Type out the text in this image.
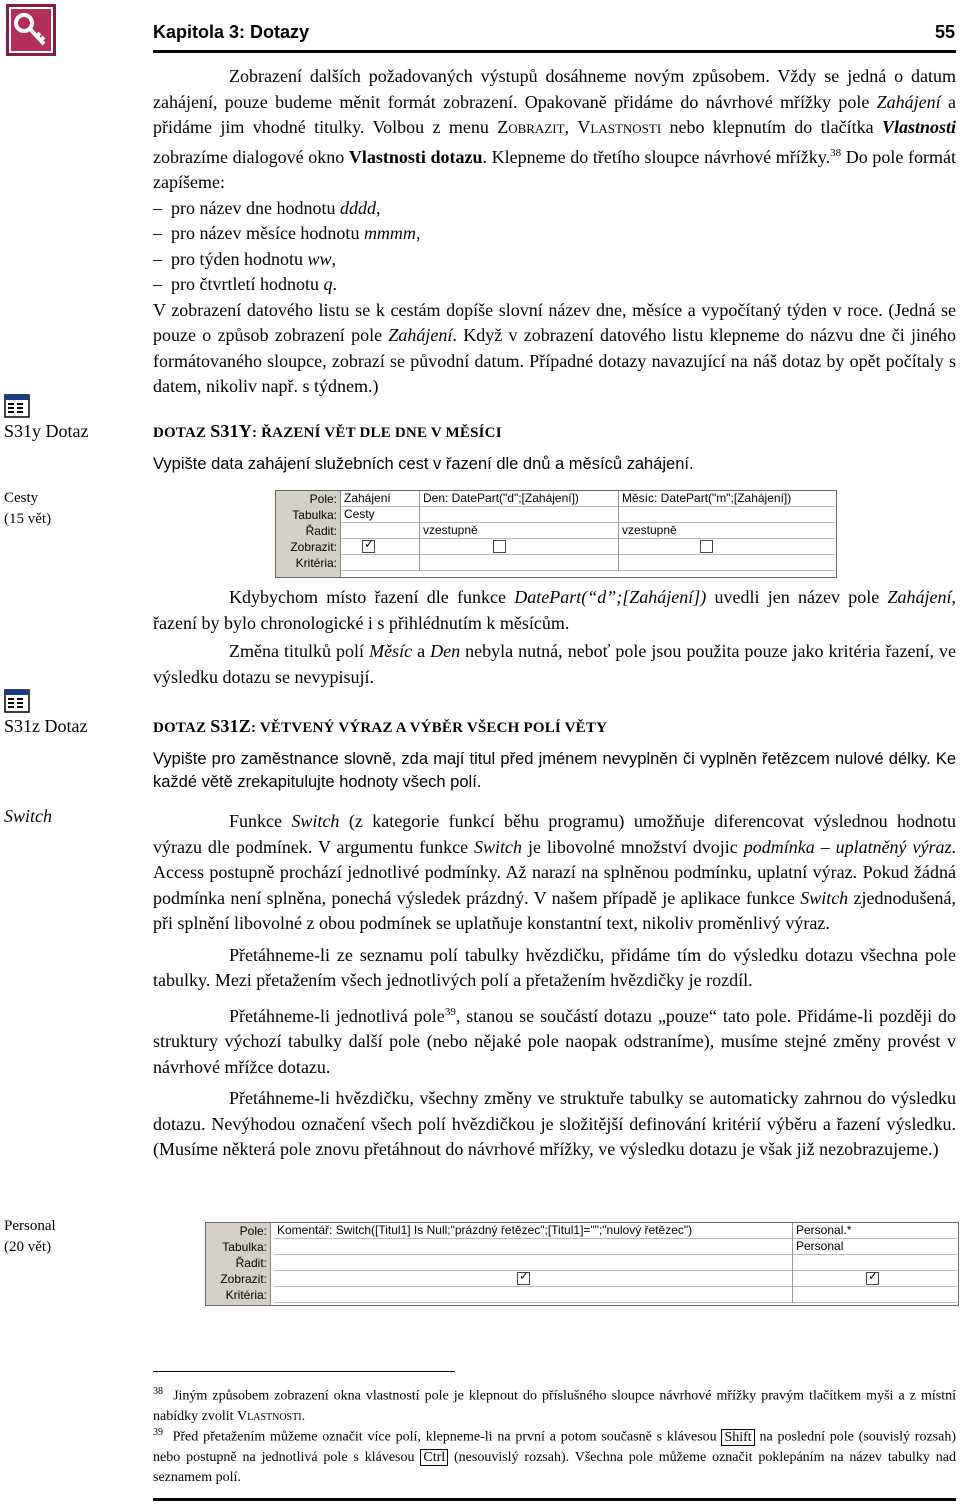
Kapitola 3: Dotazy	55

Zobrazení dalších požadovaných výstupů dosáhneme novým způsobem. Vždy se jedná o datum zahájení, pouze budeme měnit formát zobrazení. Opakovaně přidáme do návrhové mřížky pole Zahájení a přidáme jim vhodné titulky. Volbou z menu Zobrazit, Vlastnosti nebo klepnutím do tlačítka Vlastnosti zobrazíme dialogové okno Vlastnosti dotazu. Klepneme do třetího sloupce návrhové mřížky.$^{38}$ Do pole formát zapíšeme:

– pro název dne hodnotu dddd,
– pro název měsíce hodnotu mmmm,
– pro týden hodnotu ww,
– pro čtvrtletí hodnotu q.

V zobrazení datového listu se k cestám dopíše slovní název dne, měsíce a vypočítaný týden v roce. (Jedná se pouze o způsob zobrazení pole Zahájení. Když v zobrazení datového listu klepneme do názvu dne či jiného formátovaného sloupce, zobrazí se původní datum. Případné dotazy navazující na náš dotaz by opět počítaly s datem, nikoliv např. s týdnem.)

S31y Dotaz
Cesty
(15 vět)
DOTAZ S31Y: ŘAZENÍ VĚT DLE DNE V MĚSÍCI
Vypište data zahájení služebních cest v řazení dle dnů a měsíců zahájení.
Pole:
Tabulka:
Řadit:
Zobrazit:
Kritéria:
Zahájení
Cesty
✓
Den: DatePart("d";[Zahájení])
vzestupně
Měsíc: DatePart("m";[Zahájení])
vzestupně

Kdybychom místo řazení dle funkce DatePart(“d”;[Zahájení]) uvedli jen název pole Zahájení, řazení by bylo chronologické i s přihlédnutím k měsícům.

Změna titulků polí Měsíc a Den nebyla nutná, neboť pole jsou použita pouze jako kritéria řazení, ve výsledku dotazu se nevypisují.

S31z Dotaz
Switch
Personal
(20 vět)
DOTAZ S31Z: VĚTVENÝ VÝRAZ A VÝBĚR VŠECH POLÍ VĚTY
Vypište pro zaměstnance slovně, zda mají titul před jménem nevyplněn či vyplněn řetězcem nulové délky. Ke každé větě zrekapitulujte hodnoty všech polí.

Funkce Switch (z kategorie funkcí běhu programu) umožňuje diferencovat výslednou hodnotu výrazu dle podmínek. V argumentu funkce Switch je libovolné množství dvojic podmínka – uplatněný výraz. Access postupně prochází jednotlivé podmínky. Až narazí na splněnou podmínku, uplatní výraz. Pokud žádná podmínka není splněna, ponechá výsledek prázdný. V našem případě je aplikace funkce Switch zjednodušená, při splnění libovolné z obou podmínek se uplatňuje konstantní text, nikoliv proměnlivý výraz.

Přetáhneme-li ze seznamu polí tabulky hvězdičku, přidáme tím do výsledku dotazu všechna pole tabulky. Mezi přetažením všech jednotlivých polí a přetažením hvězdičky je rozdíl.

Přetáhneme-li jednotlivá pole$^{39}$, stanou se součástí dotazu „pouze“ tato pole. Přidáme-li později do struktury výchozí tabulky další pole (nebo nějaké pole naopak odstraníme), musíme stejné změny provést v návrhové mřížce dotazu.

Přetáhneme-li hvězdičku, všechny změny ve struktuře tabulky se automaticky zahrnou do výsledku dotazu. Nevýhodou označení všech polí hvězdičkou je složitější definování kritérií výběru a řazení výsledku. (Musíme některá pole znovu přetáhnout do návrhové mřížky, ve výsledku dotazu je však již nezobrazujeme.)

Pole:
Tabulka:
Řadit:
Zobrazit:
Kritéria:
Komentář: Switch([Titul1] Is Null;"prázdný řetězec";[Titul1]="";"nulový řetězec")
✓	Personal.*
Personal
✓
$^{38}$ Jiným způsobem zobrazení okna vlastností pole je klepnout do příslušného sloupce návrhové mřížky pravým tlačítkem myši a z místní nabídky zvolit Vlastnosti.
$^{39}$ Před přetažením můžeme označit více polí, klepneme-li na první a potom současně s klávesou Shift na poslední pole (souvislý rozsah) nebo postupně na jednotlivá pole s klávesou Ctrl (nesouvislý rozsah). Všechna pole můžeme označit poklepáním na název tabulky nad seznamem polí.
